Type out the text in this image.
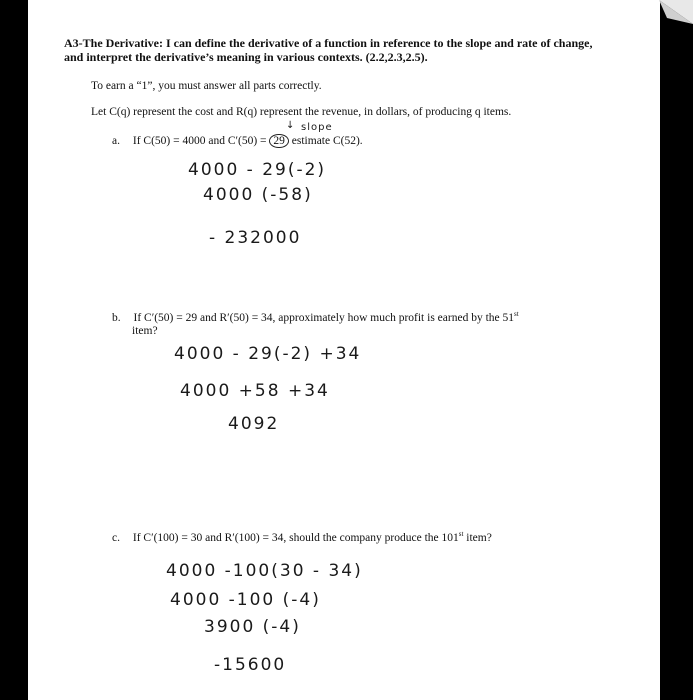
A3-The Derivative: I can define the derivative of a function in reference to the slope and rate of change, and interpret the derivative’s meaning in various contexts. (2.2,2.3,2.5).
To earn a “1”, you must answer all parts correctly.
Let C(q) represent the cost and R(q) represent the revenue, in dollars, of producing q items.
↓ slope
a. If C(50) = 4000 and C′(50) = 29 estimate C(52).
4000 - 29(-2)
4000 (-58)
- 232000
b. If C′(50) = 29 and R′(50) = 34, approximately how much profit is earned by the 51st
item?
4000 - 29(-2) +34
4000 +58 +34
4092
c. If C′(100) = 30 and R′(100) = 34, should the company produce the 101st item?
4000 -100(30 - 34)
4000 -100 (-4)
3900 (-4)
-15600
